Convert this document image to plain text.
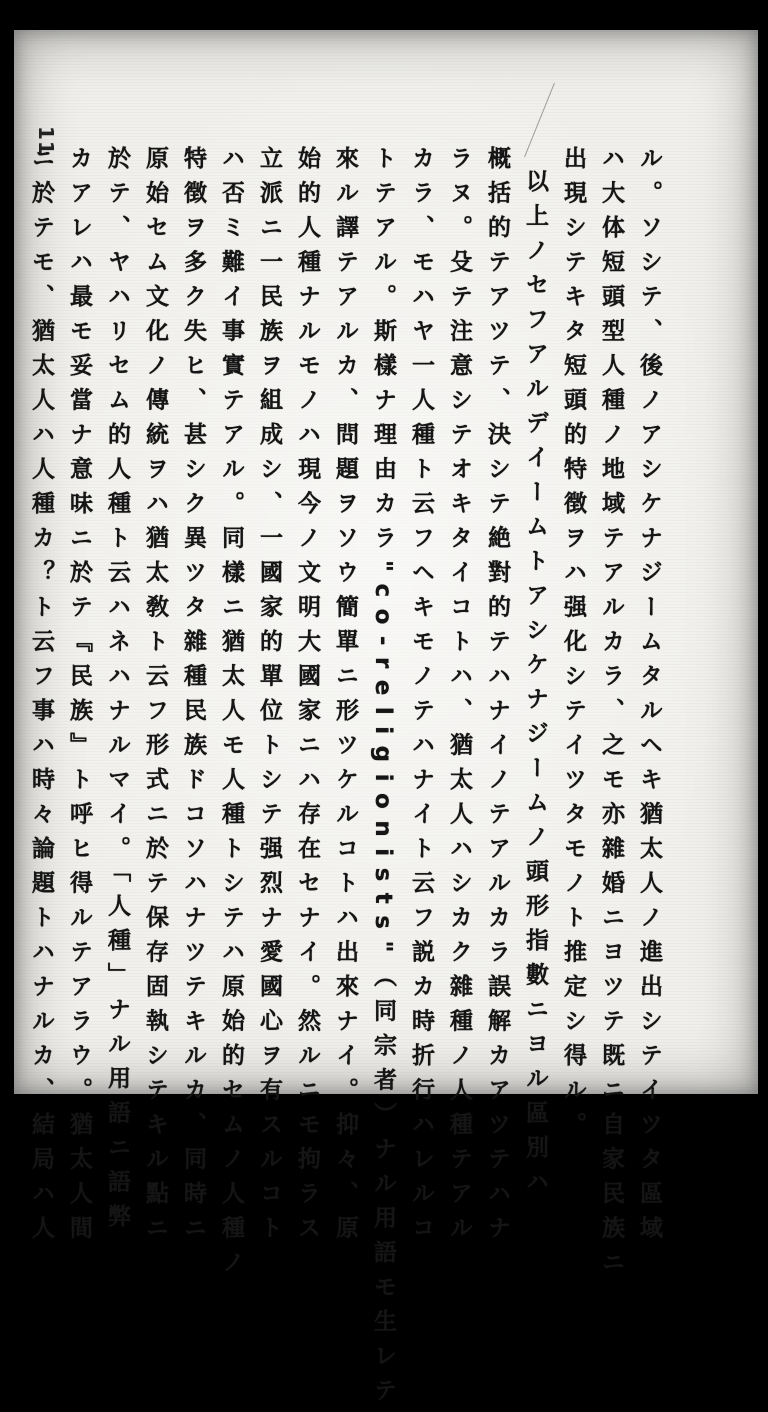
11
ル。ソシテ、後ノアシケナジームタルヘキ猶太人ノ進出シテイツタ區域
ハ大体短頭型人種ノ地域テアルカラ、之モ亦雜婚ニヨツテ既ニ自家民族ニ
出現シテキタ短頭的特徴ヲハ强化シテイツタモノト推定シ得ル。
以上ノセフアルデイームトアシケナジームノ頭形指數ニヨル區別ハ
概括的テアツテ、決シテ絶對的テハナイノテアルカラ誤解カアツテハナ
ラヌ。殳テ注意シテオキタイコトハ、猶太人ハシカク雜種ノ人種テアル
カラ、モハヤ一人種ト云フヘキモノテハナイト云フ説カ時折行ハレルコ
トテアル。斯樣ナ理由カラ"co-religionists"（同宗者）ナル用語モ生レテ
來ル譯テアルカ、問題ヲソウ簡單ニ形ツケルコトハ出來ナイ。抑々、原
始的人種ナルモノハ現今ノ文明大國家ニハ存在セナイ。然ルニモ拘ラス
立派ニ一民族ヲ組成シ、一國家的單位トシテ强烈ナ愛國心ヲ有スルコト
ハ否ミ難イ事實テアル。同樣ニ猶太人モ人種トシテハ原始的セムノ人種ノ
特徴ヲ多ク失ヒ、甚シク異ツタ雜種民族ドコソハナツテキルカ、同時ニ
原始セム文化ノ傳統ヲハ猶太敎ト云フ形式ニ於テ保存固執シテキル點ニ
於テ、ヤハリセム的人種ト云ハネハナルマイ。「人種」ナル用語ニ語弊
カアレハ最モ妥當ナ意味ニ於テ『民族』ト呼ヒ得ルテアラウ。猶太人間
ニ於テモ、猶太人ハ人種カ？ト云フ事ハ時々論題トハナルカ、結局ハ人
